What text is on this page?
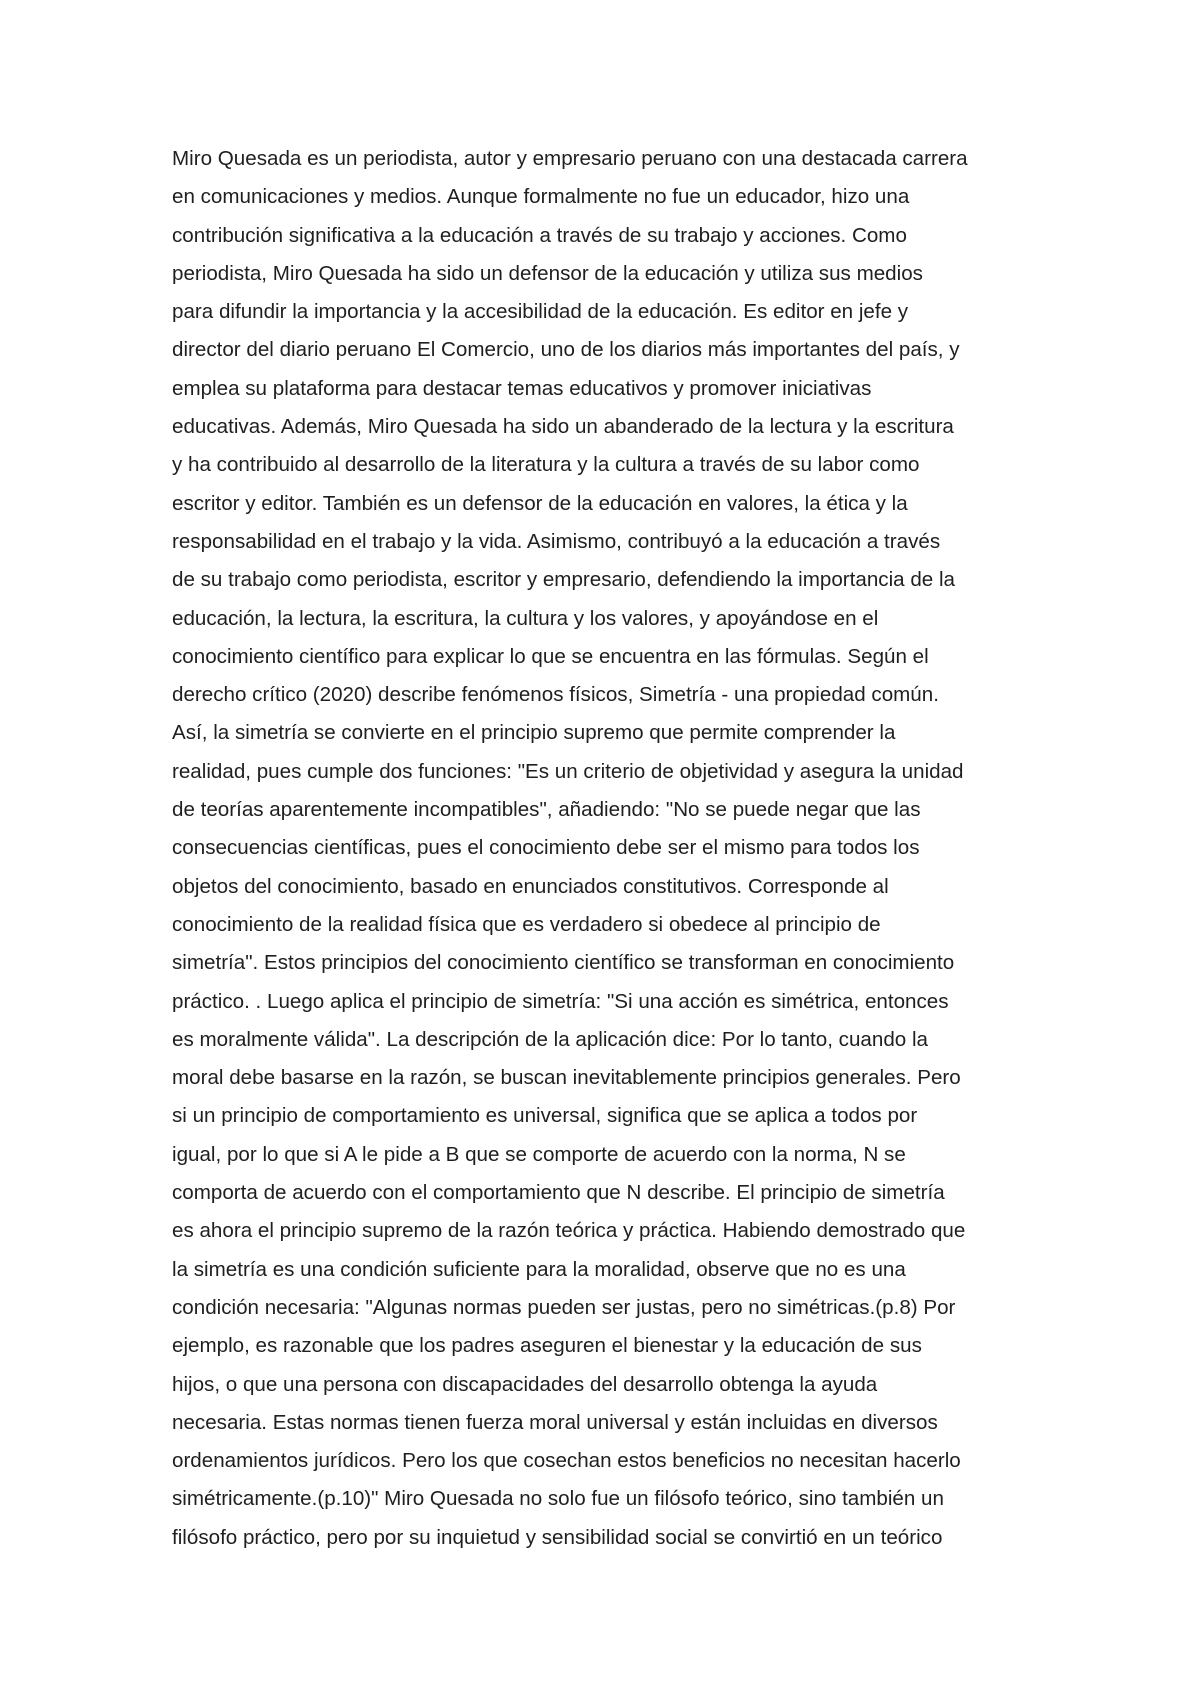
Miro Quesada es un periodista, autor y empresario peruano con una destacada carrera
en comunicaciones y medios. Aunque formalmente no fue un educador, hizo una
contribución significativa a la educación a través de su trabajo y acciones. Como
periodista, Miro Quesada ha sido un defensor de la educación y utiliza sus medios
para difundir la importancia y la accesibilidad de la educación. Es editor en jefe y
director del diario peruano El Comercio, uno de los diarios más importantes del país, y
emplea su plataforma para destacar temas educativos y promover iniciativas
educativas. Además, Miro Quesada ha sido un abanderado de la lectura y la escritura
y ha contribuido al desarrollo de la literatura y la cultura a través de su labor como
escritor y editor. También es un defensor de la educación en valores, la ética y la
responsabilidad en el trabajo y la vida. Asimismo, contribuyó a la educación a través
de su trabajo como periodista, escritor y empresario, defendiendo la importancia de la
educación, la lectura, la escritura, la cultura y los valores, y apoyándose en el
conocimiento científico para explicar lo que se encuentra en las fórmulas. Según el
derecho crítico (2020) describe fenómenos físicos, Simetría - una propiedad común.
Así, la simetría se convierte en el principio supremo que permite comprender la
realidad, pues cumple dos funciones: "Es un criterio de objetividad y asegura la unidad
de teorías aparentemente incompatibles", añadiendo: "No se puede negar que las
consecuencias científicas, pues el conocimiento debe ser el mismo para todos los
objetos del conocimiento, basado en enunciados constitutivos. Corresponde al
conocimiento de la realidad física que es verdadero si obedece al principio de
simetría". Estos principios del conocimiento científico se transforman en conocimiento
práctico. . Luego aplica el principio de simetría: "Si una acción es simétrica, entonces
es moralmente válida". La descripción de la aplicación dice: Por lo tanto, cuando la
moral debe basarse en la razón, se buscan inevitablemente principios generales. Pero
si un principio de comportamiento es universal, significa que se aplica a todos por
igual, por lo que si A le pide a B que se comporte de acuerdo con la norma, N se
comporta de acuerdo con el comportamiento que N describe. El principio de simetría
es ahora el principio supremo de la razón teórica y práctica. Habiendo demostrado que
la simetría es una condición suficiente para la moralidad, observe que no es una
condición necesaria: "Algunas normas pueden ser justas, pero no simétricas.(p.8) Por
ejemplo, es razonable que los padres aseguren el bienestar y la educación de sus
hijos, o que una persona con discapacidades del desarrollo obtenga la ayuda
necesaria. Estas normas tienen fuerza moral universal y están incluidas en diversos
ordenamientos jurídicos. Pero los que cosechan estos beneficios no necesitan hacerlo
simétricamente.(p.10)" Miro Quesada no solo fue un filósofo teórico, sino también un
filósofo práctico, pero por su inquietud y sensibilidad social se convirtió en un teórico
